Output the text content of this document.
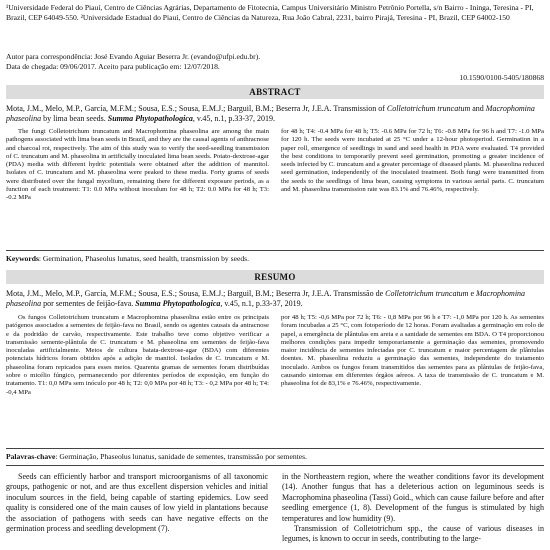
¹Universidade Federal do Piauí, Centro de Ciências Agrárias, Departamento de Fitotecnia, Campus Universitário Ministro Petrônio Portella, s/n Bairro - Ininga, Teresina - PI, Brazil, CEP 64049-550. ²Universidade Estadual do Piauí, Centro de Ciências da Natureza, Rua João Cabral, 2231, bairro Pirajá, Teresina - PI, Brazil, CEP 64002-150
Autor para correspondência: José Evando Aguiar Beserra Jr. (evando@ufpi.edu.br).
Data de chegada: 09/06/2017. Aceito para publicação em: 12/07/2018.
10.1590/0100-5405/180868
ABSTRACT
Mota, J.M., Melo, M.P., García, M.F.M.; Sousa, E.S.; Sousa, E.M.J.; Barguil, B.M.; Beserra Jr, J.E.A. Transmission of Colletotrichum truncatum and Macrophomina phaseolina by lima bean seeds. Summa Phytopathologica, v.45, n.1, p.33-37, 2019.
The fungi Colletotrichum truncatum and Macrophomina phaseolina are among the main pathogens associated with lima bean seeds in Brazil, and they are the causal agents of anthracnose and charcoal rot, respectively. The aim of this study was to verify the seed-seedling transmission of C. truncatum and M. phaseolina in artificially inoculated lima bean seeds. Potato-dextrose-agar (PDA) media with different hydric potentials were obtained after the addition of mannitol. Isolates of C. truncatum and M. phaseolina were peaked to these media. Forty grams of seeds were distributed over the fungal mycelium, remaining there for different exposure periods, as a function of each treatment: T1: 0.0 MPa without inoculum for 48 h; T2: 0.0 MPa for 48 h; T3: -0.2 MPa
for 48 h; T4: -0.4 MPa for 48 h; T5: -0.6 MPa for 72 h; T6: -0.8 MPa for 96 h and T7: -1.0 MPa for 120 h. The seeds were incubated at 25 °C under a 12-hour photoperiod. Germination in a paper roll, emergence of seedlings in sand and seed health in PDA were evaluated. T4 provided the best conditions to temporarily prevent seed germination, promoting a greater incidence of seeds infected by C. truncatum and a greater percentage of diseased plants. M. phaseolina reduced seed germination, independently of the inoculated treatment. Both fungi were transmitted from the seeds to the seedlings of lima bean, causing symptoms in various aerial parts. C. truncatum and M. phaseolina transmission rate was 83.1% and 76.46%, respectively.
Keywords: Germination, Phaseolus lunatus, seed health, transmission by seeds.
RESUMO
Mota, J.M., Melo, M.P., García, M.F.M.; Sousa, E.S.; Sousa, E.M.J.; Barguil, B.M.; Beserra Jr, J.E.A. Transmissão de Colletotrichum truncatum e Macrophomina phaseolina por sementes de feijão-fava. Summa Phytopathologica, v.45, n.1, p.33-37, 2019.
Os fungos Colletotrichum truncatum e Macrophomina phaseolina estão entre os principais patógenos associados a sementes de feijão-fava no Brasil, sendo os agentes causais da antracnose e da podridão de carvão, respectivamente. Este trabalho teve como objetivo verificar a transmissão semente-plântula de C. truncatum e M. phaseolina em sementes de feijão-fava inoculadas artificialmente. Meios de cultura batata-dextrose-agar (BDA) com diferentes potenciais hídricos foram obtidos após a adição de manitol. Isolados de C. truncatum e M. phaseolina foram repicados para esses meios. Quarenta gramas de sementes foram distribuídas sobre o micélio fúngico, permanecendo por diferentes períodos de exposição, em função do tratamento. T1: 0,0 MPa sem inóculo por 48 h; T2: 0,0 MPa por 48 h; T3: - 0,2 MPa por 48 h; T4: -0,4 MPa
por 48 h; T5: -0,6 MPa por 72 h; T6: - 0,8 MPa por 96 h e T7: -1,0 MPa por 120 h. As sementes foram incubadas a 25 °C, com fotoperíodo de 12 horas. Foram avaliadas a germinação em rolo de papel, a emergência de plântulas em areia e a sanidade de sementes em BDA. O T4 proporcionou melhores condições para impedir temporariamente a germinação das sementes, promovendo maior incidência de sementes infectadas por C. truncatum e maior percentagem de plântulas doentes. M. phaseolina reduziu a germinação das sementes, independente do tratamento inoculado. Ambos os fungos foram transmitidos das sementes para as plântulas de feijão-fava, causando sintomas em diferentes órgãos aéreos. A taxa de transmissão de C. truncatum e M. phaseolina foi de 83,1% e 76.46%, respectivamente.
Palavras-chave: Germinação, Phaseolus lunatus, sanidade de sementes, transmissão por sementes.
Seeds can efficiently harbor and transport microorganisms of all taxonomic groups, pathogenic or not, and are thus excellent dispersion vehicles and initial inoculum sources in the field, being capable of starting epidemics. Low seed quality is considered one of the main causes of low yield in plantations because the association of pathogens with seeds can have negative effects on the germination process and seedling development (7).
in the Northeastern region, where the weather conditions favor its development (14). Another fungus that has a deleterious action on leguminous seeds is Macrophomina phaseolina (Tassi) Goid., which can cause failure before and after seedling emergence (1, 8). Development of the fungus is stimulated by high temperatures and low humidity (9).
Transmission of Colletotrichum spp., the cause of various diseases in legumes, is known to occur in seeds, contributing to the large-
